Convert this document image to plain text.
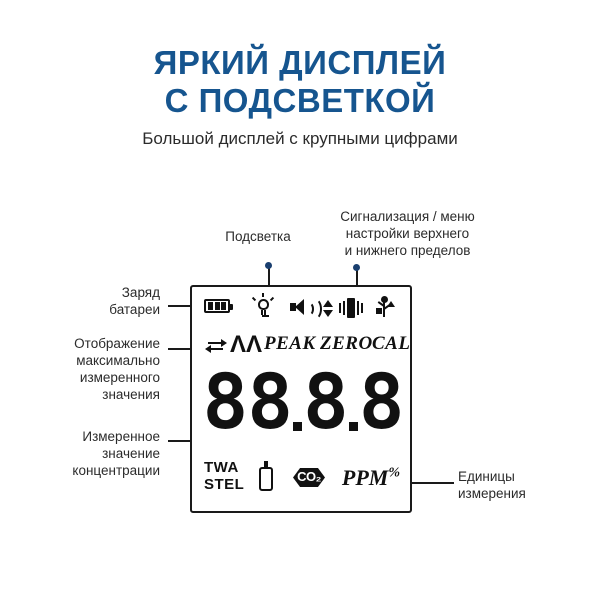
ЯРКИЙ ДИСПЛЕЙ
С ПОДСВЕТКОЙ
Большой дисплей с крупными цифрами
Подсветка
Сигнализация / меню
настройки верхнего
и нижнего пределов
Заряд
батареи
Отображение
максимально
измеренного
значения
Измеренное
значение
концентрации	Единицы
измерения
ΛΛ PEAK ZERO CAL
8 8 8 8
TWA
STEL	CO₂ PPM%
